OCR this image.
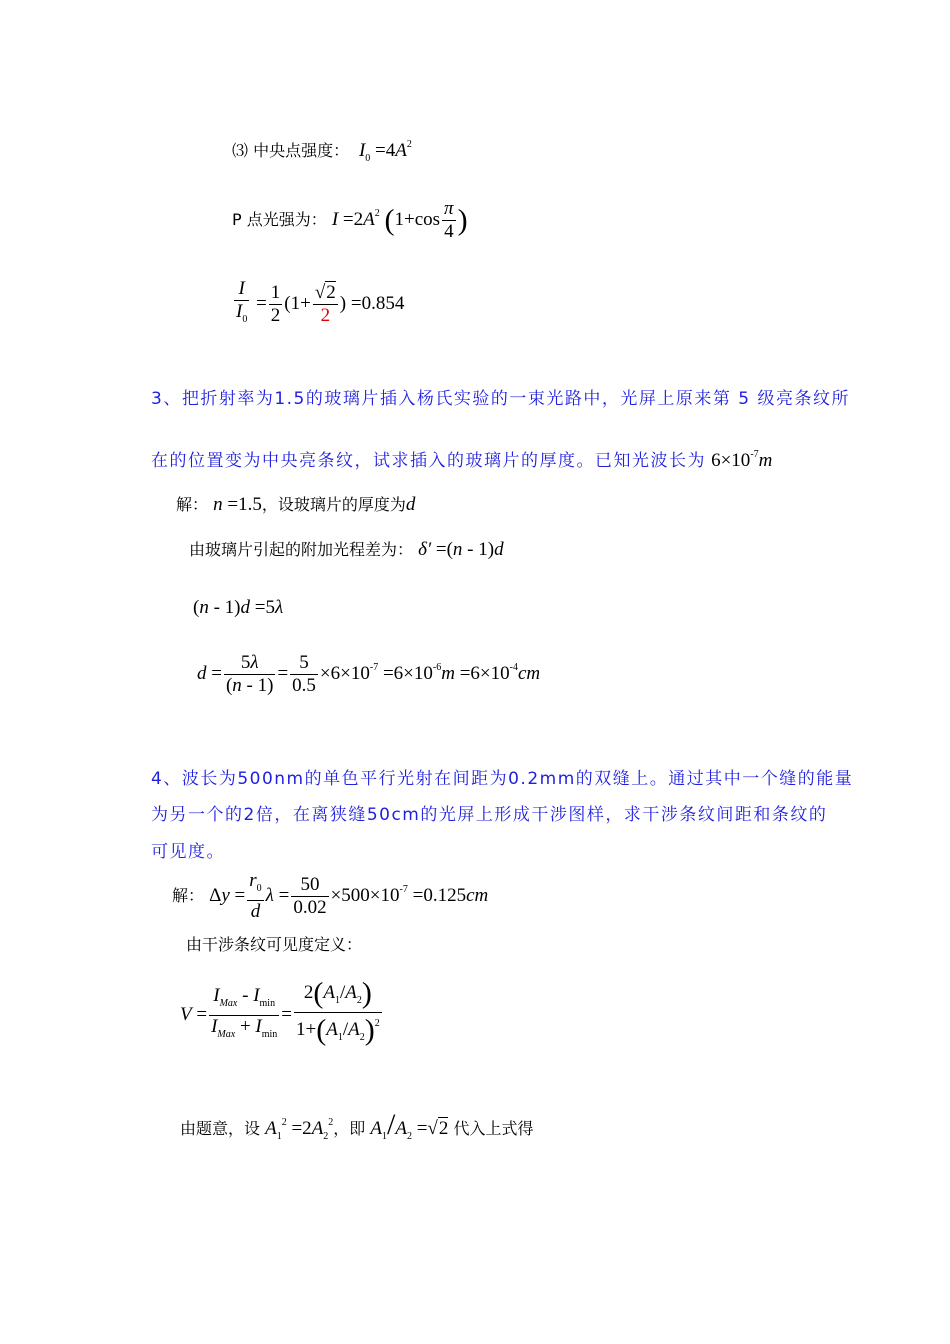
⑶ 中央点强度： $I_0 =4A^2$
P 点光强为： $I =2A^2$ ($1+\cos \frac{\pi}{4}$ )
$\frac{I}{I_0} = \frac{1}{2} (1+ \frac{√2}{2}$ ) =0.854
3、把折射率为1.5的玻璃片插入杨氏实验的一束光路中，光屏上原来第 5 级亮条纹所
在的位置变为中央亮条纹，试求插入的玻璃片的厚度。已知光波长为 $6\times 10^{-7}m$
解： n =1.5，设玻璃片的厚度为d
由玻璃片引起的附加光程差为： δ′ =(n - 1)d
(n - 1)d =5λ
$d = \frac{5\lambda}{(n - 1)} = \frac{5}{0.5} \times 6\times 10^{-7} =6\times 10^{-6}m =6\times 10^{-4}cm$
4、波长为500nm的单色平行光射在间距为0.2mm的双缝上。通过其中一个缝的能量
为另一个的2倍，在离狭缝50cm的光屏上形成干涉图样，求干涉条纹间距和条纹的
可见度。
解： $\Delta y = \frac{r_0}{d}$ $\lambda = \frac{50}{0.02} \times 500\times 10^{-7} =0.125cm$
由干涉条纹可见度定义：
$V = \frac{I_{Max} - I_{min}}{I_{Max} + I_{min}} = \frac{2(A_1/A_2)}{1+(A_1/A_2)^2}$
由题意，设 $A_1^2 =2A_2^2$，即 $A_1/A_2 =√2$ 代入上式得
